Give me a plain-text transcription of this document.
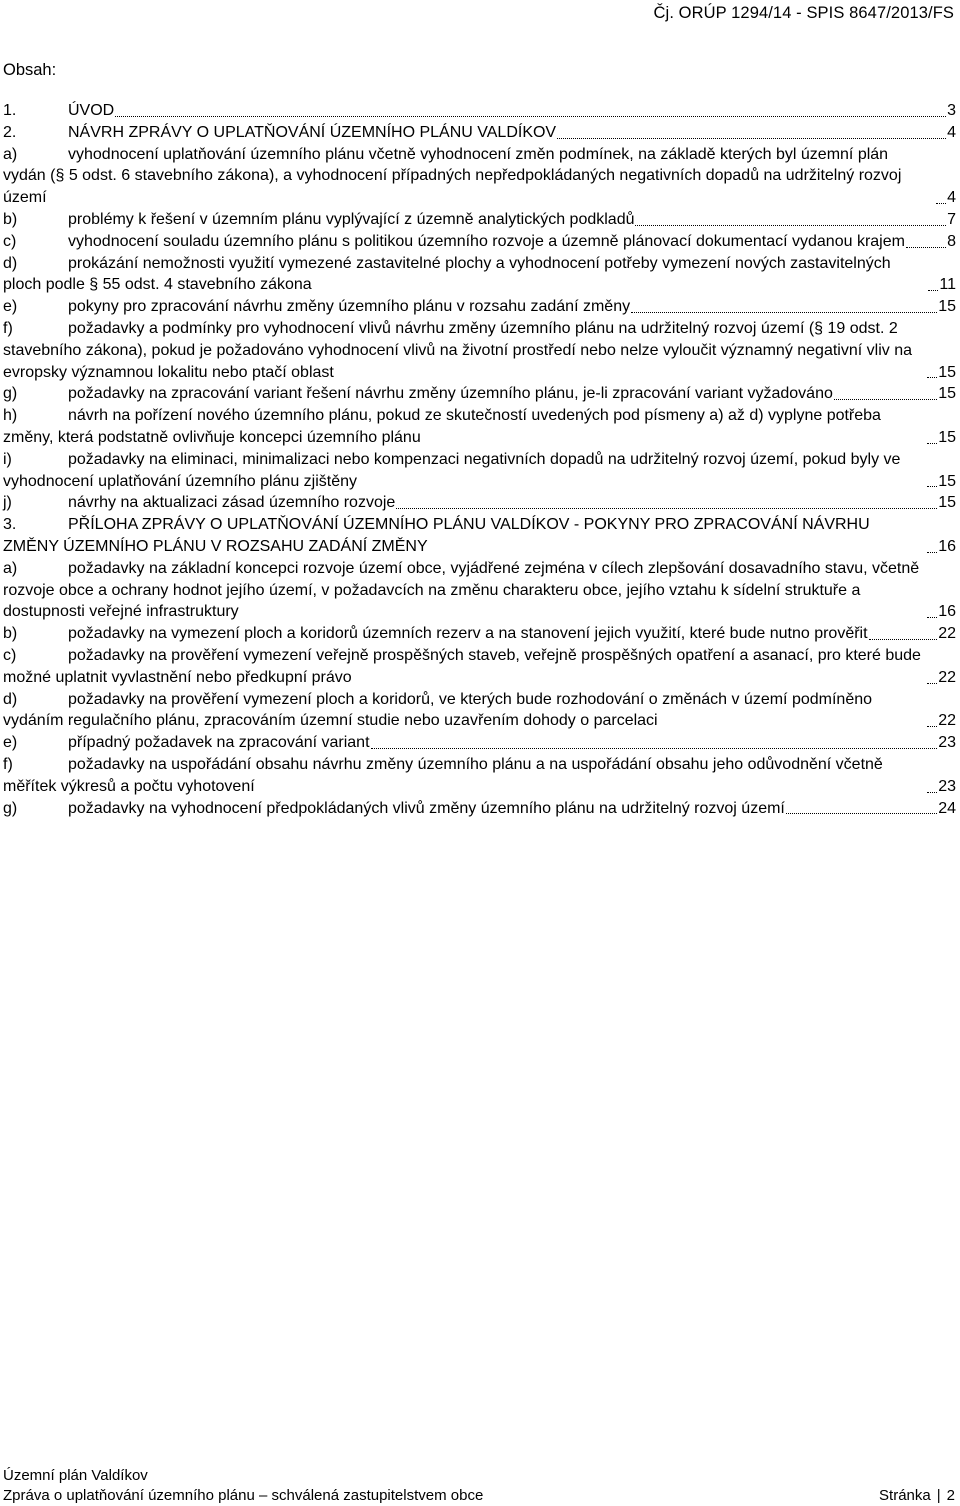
Čj. ORÚP 1294/14 - SPIS 8647/2013/FS
Obsah:
1.	ÚVOD	3
2.	NÁVRH ZPRÁVY O UPLATŇOVÁNÍ ÚZEMNÍHO PLÁNU VALDÍKOV	4
a)	vyhodnocení uplatňování územního plánu včetně vyhodnocení změn podmínek, na základě kterých byl územní plán vydán (§ 5 odst. 6 stavebního zákona), a vyhodnocení případných nepředpokládaných negativních dopadů na udržitelný rozvoj území	4
b)	problémy k řešení v územním plánu vyplývající z územně analytických podkladů	7
c)	vyhodnocení souladu územního plánu s politikou územního rozvoje a územně plánovací dokumentací vydanou krajem	8
d)	prokázání nemožnosti využití vymezené zastavitelné plochy a vyhodnocení potřeby vymezení nových zastavitelných ploch podle § 55 odst. 4 stavebního zákona	11
e)	pokyny pro zpracování návrhu změny územního plánu v rozsahu zadání změny	15
f)	požadavky a podmínky pro vyhodnocení vlivů návrhu změny územního plánu na udržitelný rozvoj území (§ 19 odst. 2 stavebního zákona), pokud je požadováno vyhodnocení vlivů na životní prostředí nebo nelze vyloučit významný negativní vliv na evropsky významnou lokalitu nebo ptačí oblast	15
g)	požadavky na zpracování variant řešení návrhu změny územního plánu, je-li zpracování variant vyžadováno	15
h)	návrh na pořízení nového územního plánu, pokud ze skutečností uvedených pod písmeny a) až d) vyplyne potřeba změny, která podstatně ovlivňuje koncepci územního plánu	15
i)	požadavky na eliminaci, minimalizaci nebo kompenzaci negativních dopadů na udržitelný rozvoj území, pokud byly ve vyhodnocení uplatňování územního plánu zjištěny	15
j)	návrhy na aktualizaci zásad územního rozvoje	15
3.	PŘÍLOHA ZPRÁVY O UPLATŇOVÁNÍ ÚZEMNÍHO PLÁNU VALDÍKOV - POKYNY PRO ZPRACOVÁNÍ NÁVRHU ZMĚNY ÚZEMNÍHO PLÁNU V ROZSAHU ZADÁNÍ ZMĚNY	16
a)	požadavky na základní koncepci rozvoje území obce, vyjádřené zejména v cílech zlepšování dosavadního stavu, včetně rozvoje obce a ochrany hodnot jejího území, v požadavcích na změnu charakteru obce, jejího vztahu k sídelní struktuře a dostupnosti veřejné infrastruktury	16
b)	požadavky na vymezení ploch a koridorů územních rezerv a na stanovení jejich využití, které bude nutno prověřit	22
c)	požadavky na prověření vymezení veřejně prospěšných staveb, veřejně prospěšných opatření a asanací, pro které bude možné uplatnit vyvlastnění nebo předkupní právo	22
d)	požadavky na prověření vymezení ploch a koridorů, ve kterých bude rozhodování o změnách v území podmíněno vydáním regulačního plánu, zpracováním územní studie nebo uzavřením dohody o parcelaci	22
e)	případný požadavek na zpracování variant	23
f)	požadavky na uspořádání obsahu návrhu změny územního plánu a na uspořádání obsahu jeho odůvodnění včetně měřítek výkresů a počtu vyhotovení	23
g)	požadavky na vyhodnocení předpokládaných vlivů změny územního plánu na udržitelný rozvoj území	24
Územní plán Valdíkov
Zpráva o uplatňování územního plánu – schválená zastupitelstvem obce	Stránka | 2
